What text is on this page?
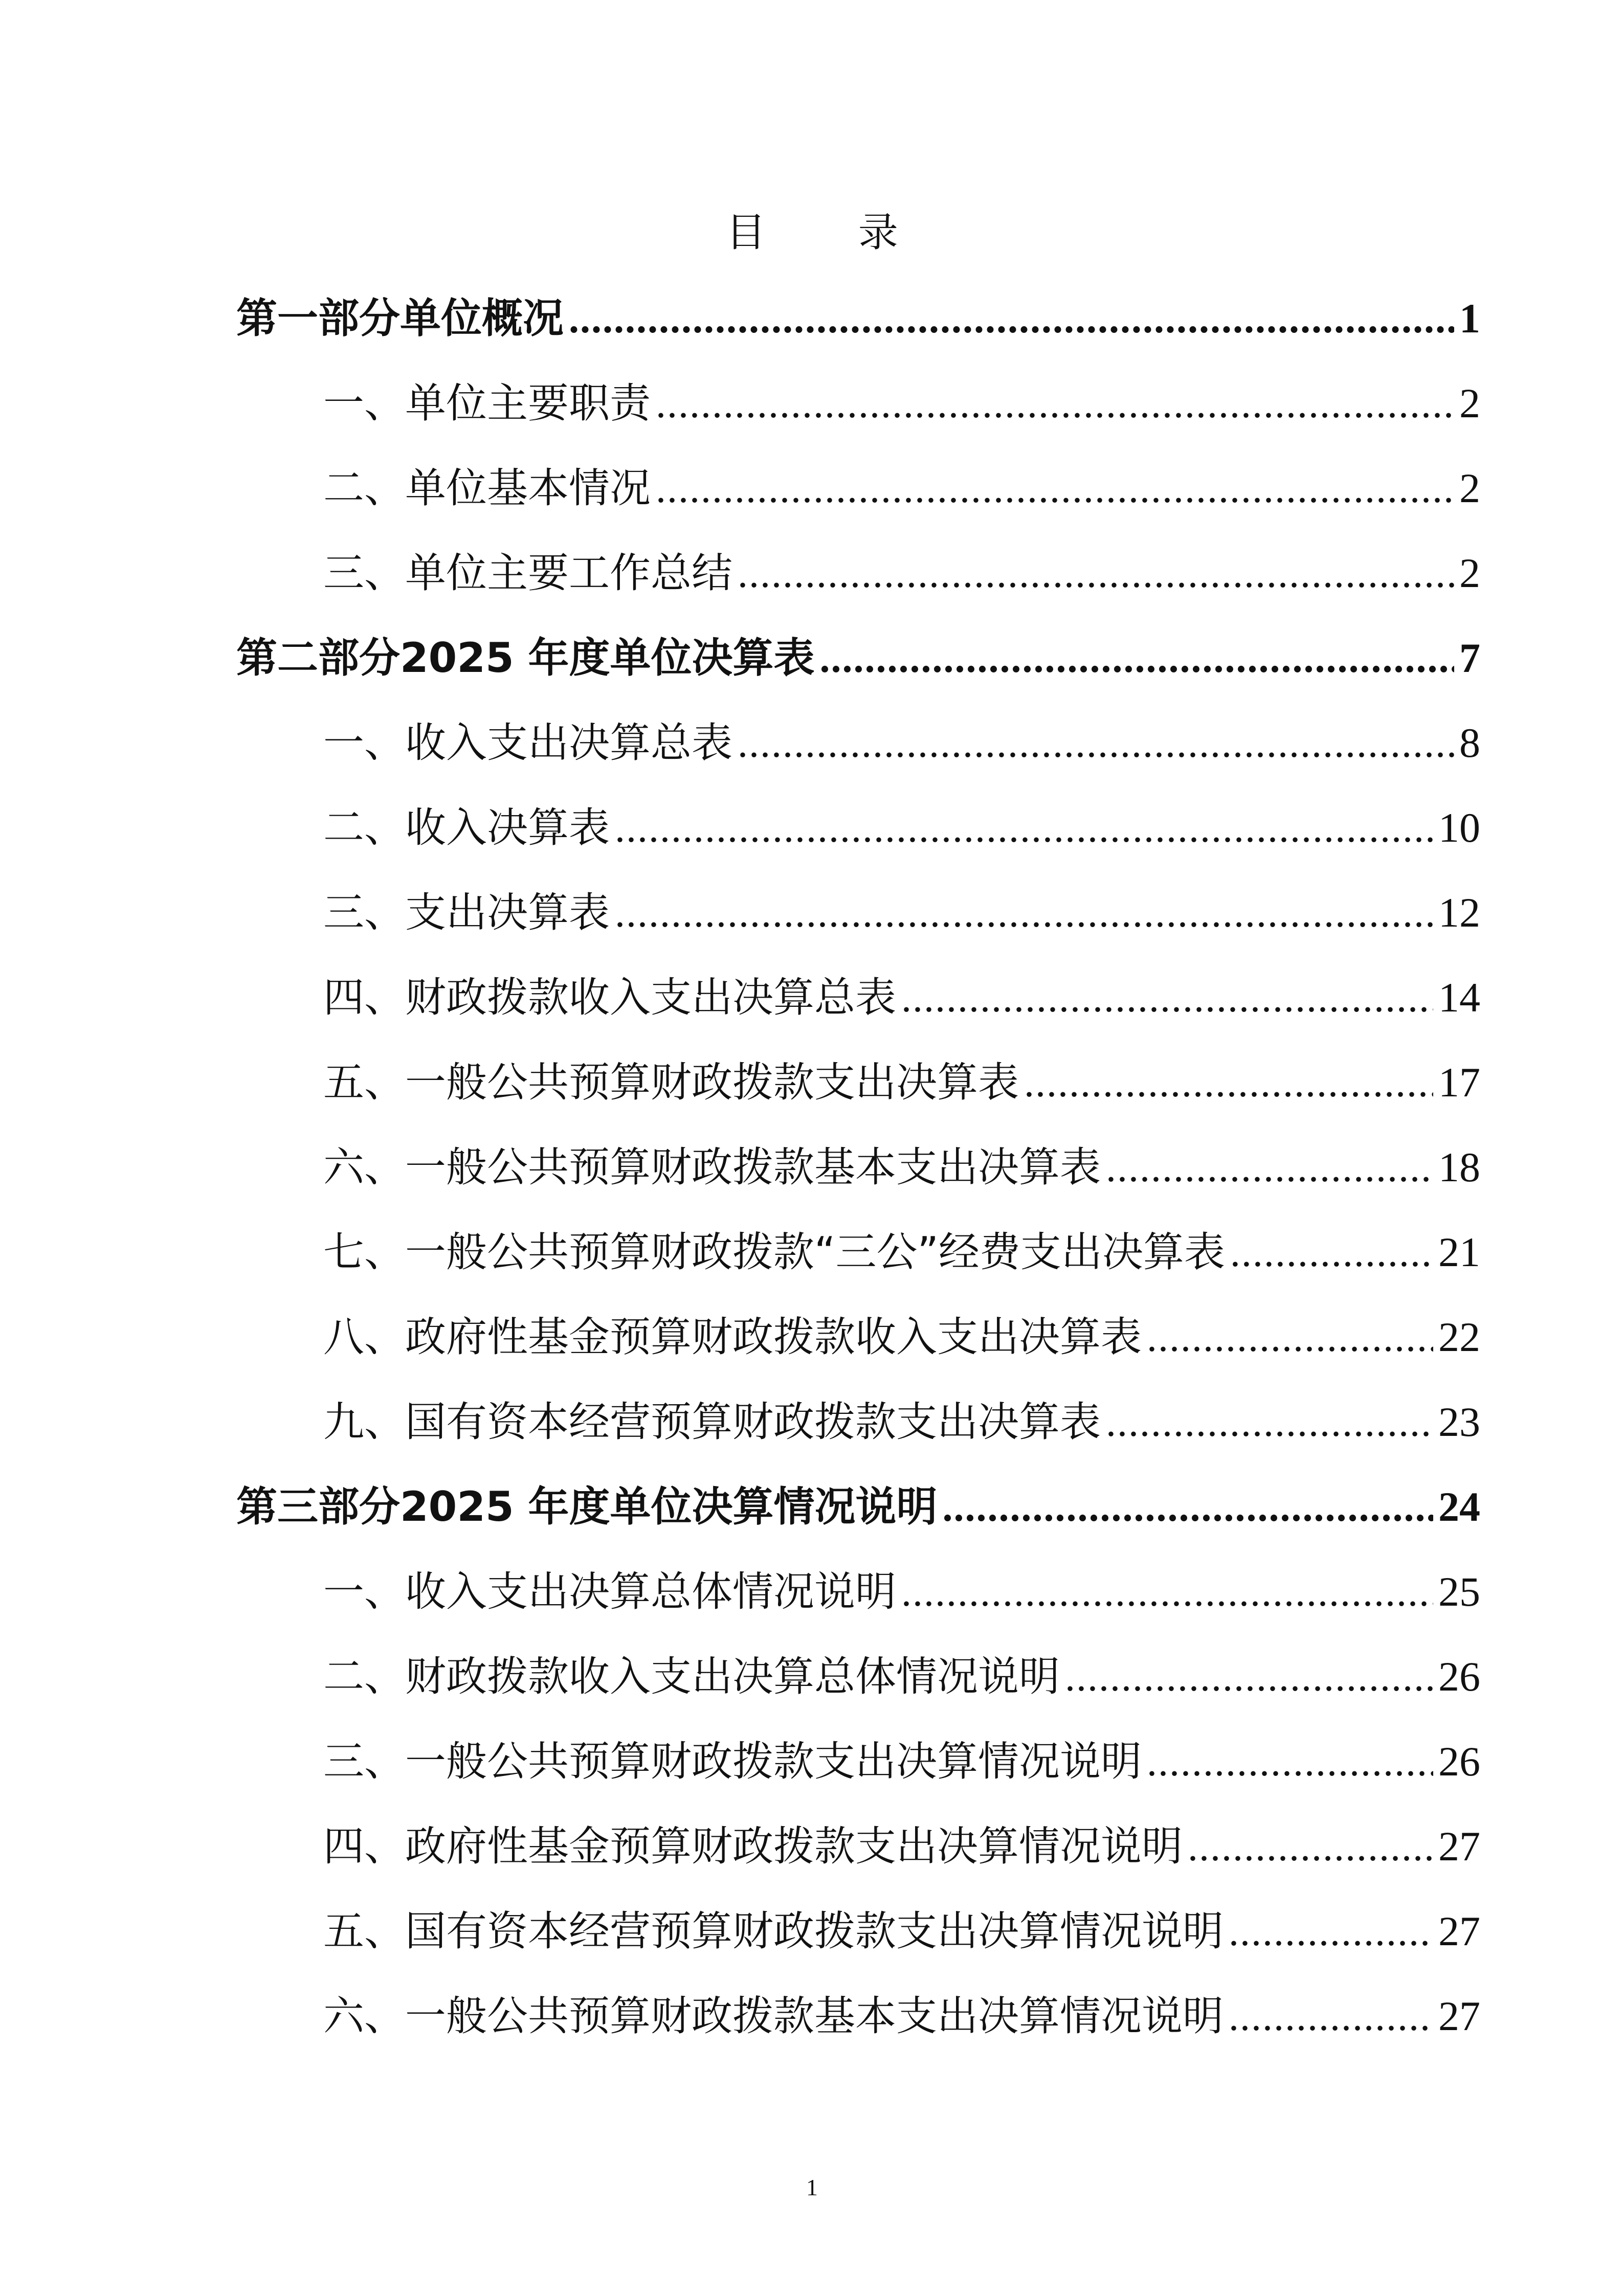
目 录
第一部分单位概况 .....	1
一、单位主要职责 .....	2
二、单位基本情况 .....	2
三、单位主要工作总结 .....	2
第二部分2025 年度单位决算表 .....	7
一、收入支出决算总表 .....	8
二、收入决算表 .....	10
三、支出决算表 .....	12
四、财政拨款收入支出决算总表 .....	14
五、一般公共预算财政拨款支出决算表 .....	17
六、一般公共预算财政拨款基本支出决算表 .....	18
七、一般公共预算财政拨款“三公”经费支出决算表 .....	21
八、政府性基金预算财政拨款收入支出决算表 .....	22
九、国有资本经营预算财政拨款支出决算表 .....	23
第三部分2025 年度单位决算情况说明 .....	24
一、收入支出决算总体情况说明 .....	25
二、财政拨款收入支出决算总体情况说明 .....	26
三、一般公共预算财政拨款支出决算情况说明 .....	26
四、政府性基金预算财政拨款支出决算情况说明 .....	27
五、国有资本经营预算财政拨款支出决算情况说明 .....	27
六、一般公共预算财政拨款基本支出决算情况说明 .....	27
1
